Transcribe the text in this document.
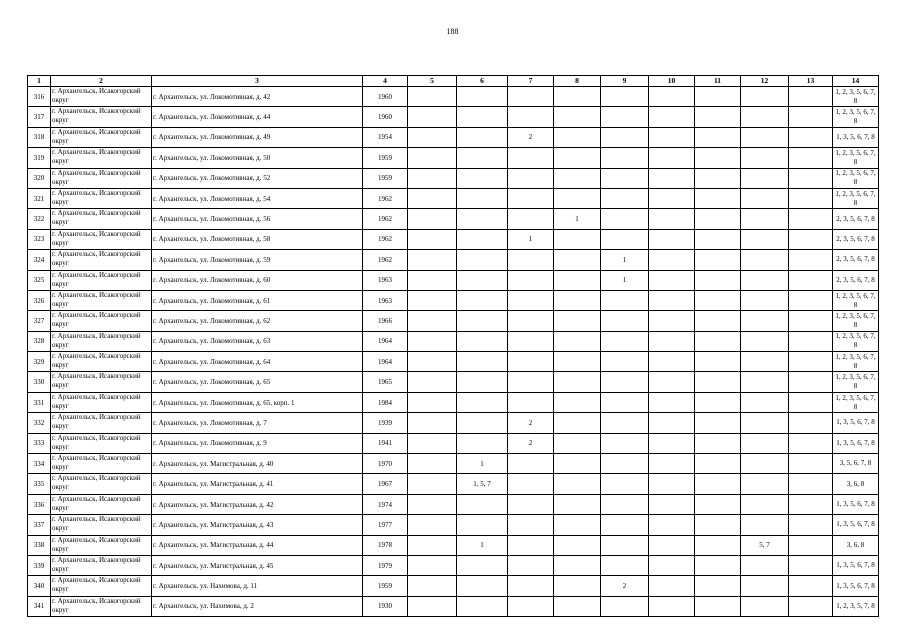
188
1	2	3	4	5	6	7	8	9	10	11	12	13	14
316	г. Архангельск, Исакогорский округ	г. Архангельск, ул. Локомотивная, д. 42	1960										1, 2, 3, 5, 6, 7, 8
317	г. Архангельск, Исакогорский округ	г. Архангельск, ул. Локомотивная, д. 44	1960										1, 2, 3, 5, 6, 7, 8
318	г. Архангельск, Исакогорский округ	г. Архангельск, ул. Локомотивная, д. 49	1954			2							1, 3, 5, 6, 7, 8
319	г. Архангельск, Исакогорский округ	г. Архангельск, ул. Локомотивная, д. 50	1959										1, 2, 3, 5, 6, 7, 8
320	г. Архангельск, Исакогорский округ	г. Архангельск, ул. Локомотивная, д. 52	1959										1, 2, 3, 5, 6, 7, 8
321	г. Архангельск, Исакогорский округ	г. Архангельск, ул. Локомотивная, д. 54	1962										1, 2, 3, 5, 6, 7, 8
322	г. Архангельск, Исакогорский округ	г. Архангельск, ул. Локомотивная, д. 56	1962				1						2, 3, 5, 6, 7, 8
323	г. Архангельск, Исакогорский округ	г. Архангельск, ул. Локомотивная, д. 58	1962			1							2, 3, 5, 6, 7, 8
324	г. Архангельск, Исакогорский округ	г. Архангельск, ул. Локомотивная, д. 59	1962					1					2, 3, 5, 6, 7, 8
325	г. Архангельск, Исакогорский округ	г. Архангельск, ул. Локомотивная, д. 60	1963					1					2, 3, 5, 6, 7, 8
326	г. Архангельск, Исакогорский округ	г. Архангельск, ул. Локомотивная, д. 61	1963										1, 2, 3, 5, 6, 7, 8
327	г. Архангельск, Исакогорский округ	г. Архангельск, ул. Локомотивная, д. 62	1966										1, 2, 3, 5, 6, 7, 8
328	г. Архангельск, Исакогорский округ	г. Архангельск, ул. Локомотивная, д. 63	1964										1, 2, 3, 5, 6, 7, 8
329	г. Архангельск, Исакогорский округ	г. Архангельск, ул. Локомотивная, д. 64	1964										1, 2, 3, 5, 6, 7, 8
330	г. Архангельск, Исакогорский округ	г. Архангельск, ул. Локомотивная, д. 65	1965										1, 2, 3, 5, 6, 7, 8
331	г. Архангельск, Исакогорский округ	г. Архангельск, ул. Локомотивная, д. 65, корп. 1	1984										1, 2, 3, 5, 6, 7, 8
332	г. Архангельск, Исакогорский округ	г. Архангельск, ул. Локомотивная, д. 7	1939			2							1, 3, 5, 6, 7, 8
333	г. Архангельск, Исакогорский округ	г. Архангельск, ул. Локомотивная, д. 9	1941			2							1, 3, 5, 6, 7, 8
334	г. Архангельск, Исакогорский округ	г. Архангельск, ул. Магистральная, д. 40	1970		1								3, 5, 6, 7, 8
335	г. Архангельск, Исакогорский округ	г. Архангельск, ул. Магистральная, д. 41	1967		1, 5, 7								3, 6, 8
336	г. Архангельск, Исакогорский округ	г. Архангельск, ул. Магистральная, д. 42	1974										1, 3, 5, 6, 7, 8
337	г. Архангельск, Исакогорский округ	г. Архангельск, ул. Магистральная, д. 43	1977										1, 3, 5, 6, 7, 8
338	г. Архангельск, Исакогорский округ	г. Архангельск, ул. Магистральная, д. 44	1978		1						5, 7		3, 6, 8
339	г. Архангельск, Исакогорский округ	г. Архангельск, ул. Магистральная, д. 45	1979										1, 3, 5, 6, 7, 8
340	г. Архангельск, Исакогорский округ	г. Архангельск, ул. Нахимова, д. 11	1959					2					1, 3, 5, 6, 7, 8
341	г. Архангельск, Исакогорский округ	г. Архангельск, ул. Нахимова, д. 2	1930										1, 2, 3, 5, 7, 8
